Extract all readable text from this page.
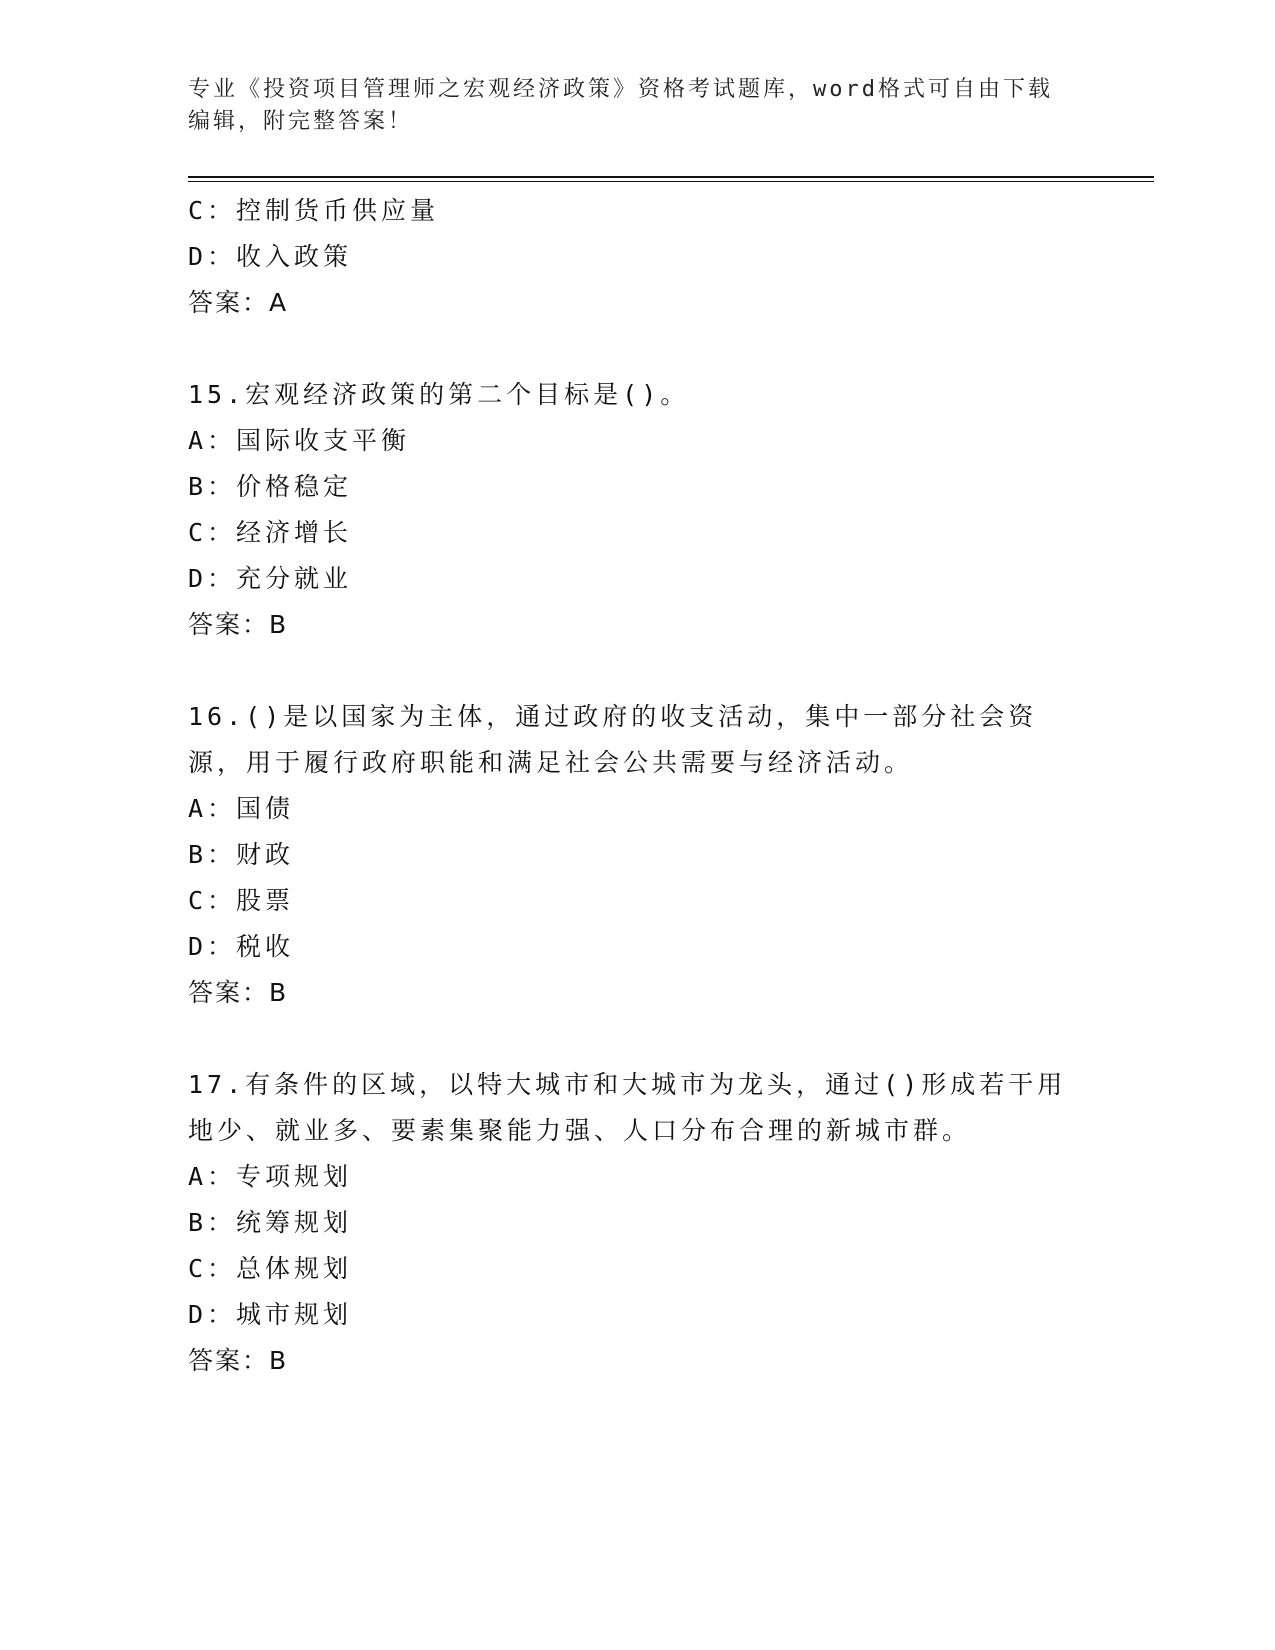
专业《投资项目管理师之宏观经济政策》资格考试题库，word格式可自由下载编辑，附完整答案！
C：控制货币供应量
D：收入政策
答案：A
15.宏观经济政策的第二个目标是()。
A：国际收支平衡
B：价格稳定
C：经济增长
D：充分就业
答案：B
16.()是以国家为主体，通过政府的收支活动，集中一部分社会资源，用于履行政府职能和满足社会公共需要与经济活动。
A：国债
B：财政
C：股票
D：税收
答案：B
17.有条件的区域，以特大城市和大城市为龙头，通过()形成若干用地少、就业多、要素集聚能力强、人口分布合理的新城市群。
A：专项规划
B：统筹规划
C：总体规划
D：城市规划
答案：B
